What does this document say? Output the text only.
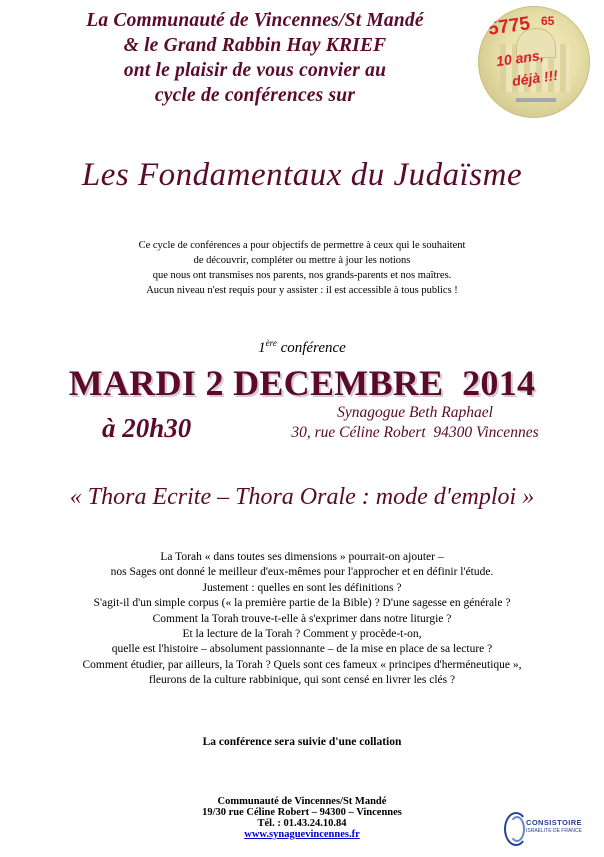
La Communauté de Vincennes/St Mandé
& le Grand Rabbin Hay KRIEF
ont le plaisir de vous convier au
cycle de conférences sur
5775 65
10 ans,
déjà !!!
Les Fondamentaux du Judaïsme
Ce cycle de conférences a pour objectifs de permettre à ceux qui le souhaitent
de découvrir, compléter ou mettre à jour les notions
que nous ont transmises nos parents, nos grands-parents et nos maîtres.
Aucun niveau n'est requis pour y assister : il est accessible à tous publics !
1ère conférence
MARDI 2 DECEMBRE  2014
à 20h30
Synagogue Beth Raphael
30, rue Céline Robert  94300 Vincennes
« Thora Ecrite – Thora Orale : mode d'emploi »
La Torah « dans toutes ses dimensions » pourrait-on ajouter –
nos Sages ont donné le meilleur d'eux-mêmes pour l'approcher et en définir l'étude.
Justement : quelles en sont les définitions ?
S'agit-il d'un simple corpus (« la première partie de la Bible) ? D'une sagesse en générale ?
Comment la Torah trouve-t-elle à s'exprimer dans notre liturgie ?
Et la lecture de la Torah ? Comment y procède-t-on,
quelle est l'histoire – absolument passionnante – de la mise en place de sa lecture ?
Comment étudier, par ailleurs, la Torah ? Quels sont ces fameux « principes d'herméneutique »,
fleurons de la culture rabbinique, qui sont censé en livrer les clés ?
La conférence sera suivie d'une collation
Communauté de Vincennes/St Mandé
19/30 rue Céline Robert – 94300 – Vincennes
Tél. : 01.43.24.10.84
www.synaguevincennes.fr
CONSISTOIRE
ISRAÉLITE DE FRANCE
